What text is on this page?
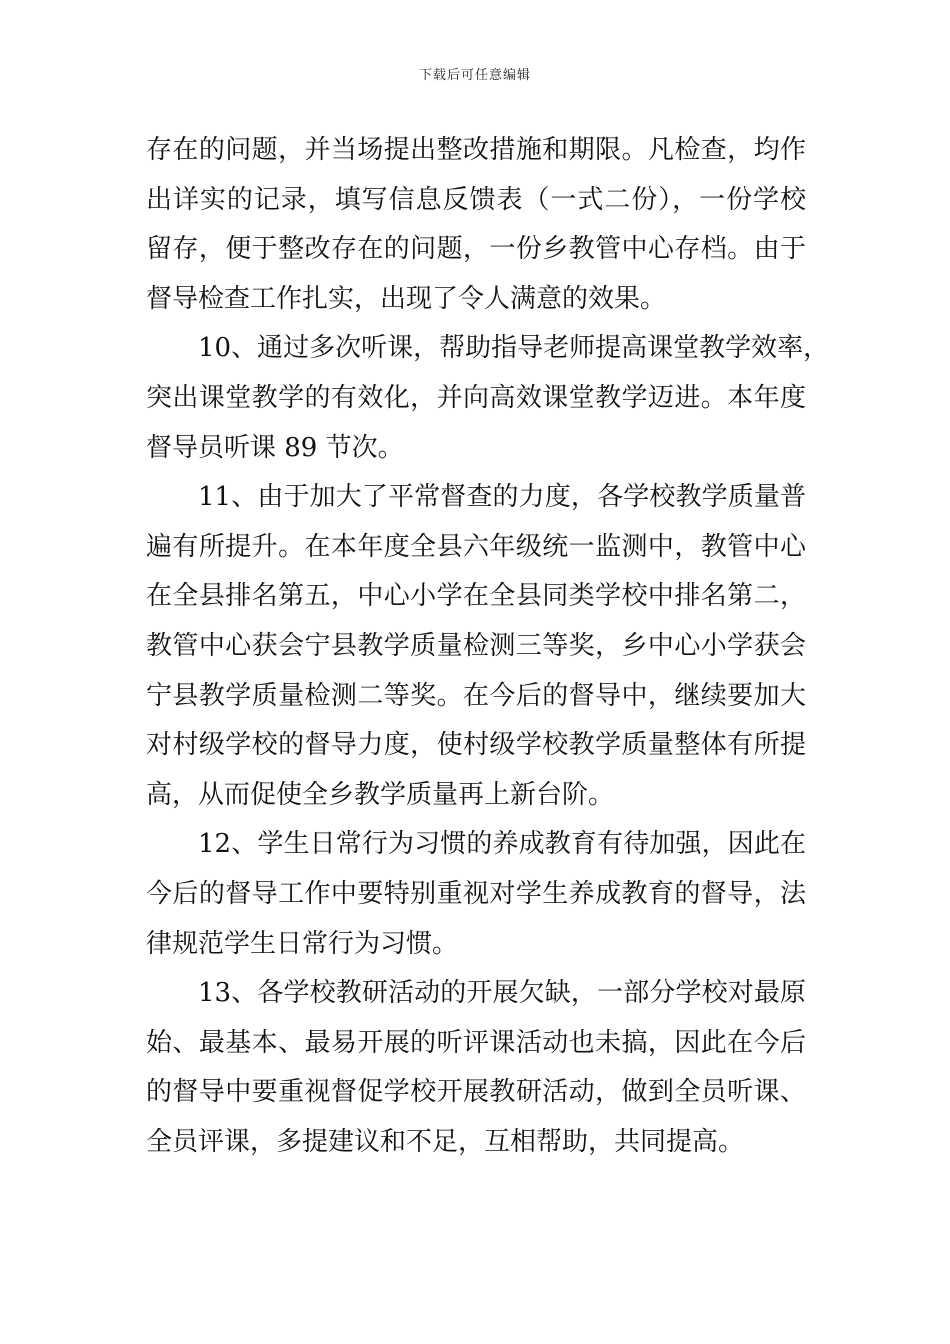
下载后可任意编辑

存在的问题，并当场提出整改措施和期限。凡检查，均作
出详实的记录，填写信息反馈表（一式二份），一份学校
留存，便于整改存在的问题，一份乡教管中心存档。由于
督导检查工作扎实，出现了令人满意的效果。

10、通过多次听课，帮助指导老师提高课堂教学效率，
突出课堂教学的有效化，并向高效课堂教学迈进。本年度
督导员听课 89 节次。

11、由于加大了平常督查的力度，各学校教学质量普
遍有所提升。在本年度全县六年级统一监测中，教管中心
在全县排名第五，中心小学在全县同类学校中排名第二，
教管中心获会宁县教学质量检测三等奖，乡中心小学获会
宁县教学质量检测二等奖。在今后的督导中，继续要加大
对村级学校的督导力度，使村级学校教学质量整体有所提
高，从而促使全乡教学质量再上新台阶。

12、学生日常行为习惯的养成教育有待加强，因此在
今后的督导工作中要特别重视对学生养成教育的督导，法
律规范学生日常行为习惯。

13、各学校教研活动的开展欠缺，一部分学校对最原
始、最基本、最易开展的听评课活动也未搞，因此在今后
的督导中要重视督促学校开展教研活动，做到全员听课、
全员评课，多提建议和不足，互相帮助，共同提高。
